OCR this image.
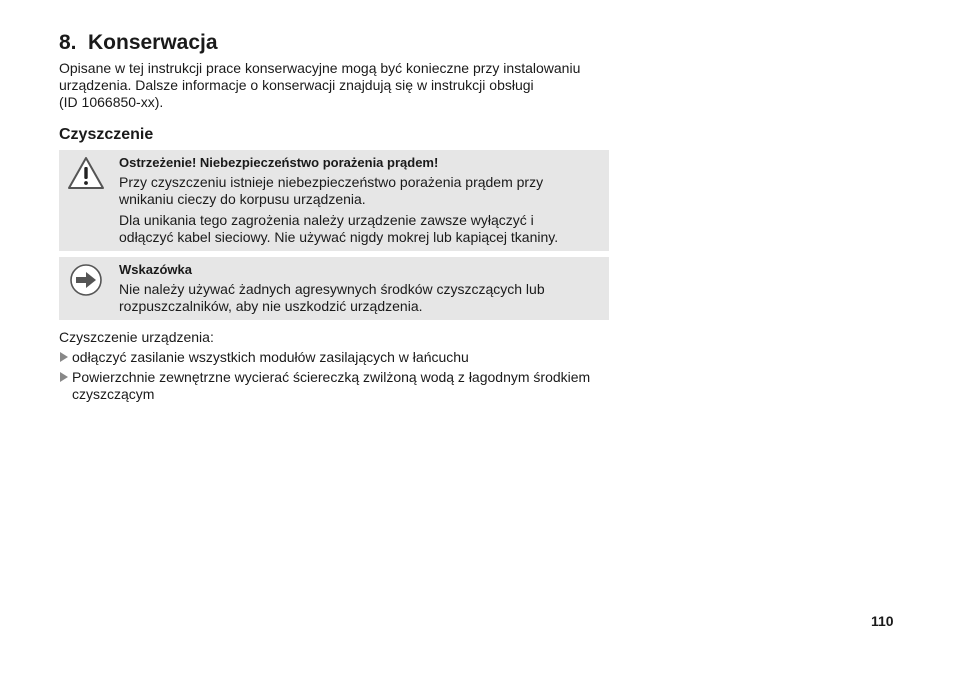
8. Konserwacja

Opisane w tej instrukcji prace konserwacyjne mogą być konieczne przy instalowaniu
urządzenia. Dalsze informacje o konserwacji znajdują się w instrukcji obsługi
(ID 1066850-xx).

Czyszczenie
Ostrzeżenie! Niebezpieczeństwo porażenia prądem!

Przy czyszczeniu istnieje niebezpieczeństwo porażenia prądem przy
wnikaniu cieczy do korpusu urządzenia.

Dla unikania tego zagrożenia należy urządzenie zawsze wyłączyć i
odłączyć kabel sieciowy. Nie używać nigdy mokrej lub kapiącej tkaniny.

Wskazówka

Nie należy używać żadnych agresywnych środków czyszczących lub
rozpuszczalników, aby nie uszkodzić urządzenia.

Czyszczenie urządzenia:
odłączyć zasilanie wszystkich modułów zasilających w łańcuchu
Powierzchnie zewnętrzne wycierać ściereczką zwilżoną wodą z łagodnym środkiem
czyszczącym
110
